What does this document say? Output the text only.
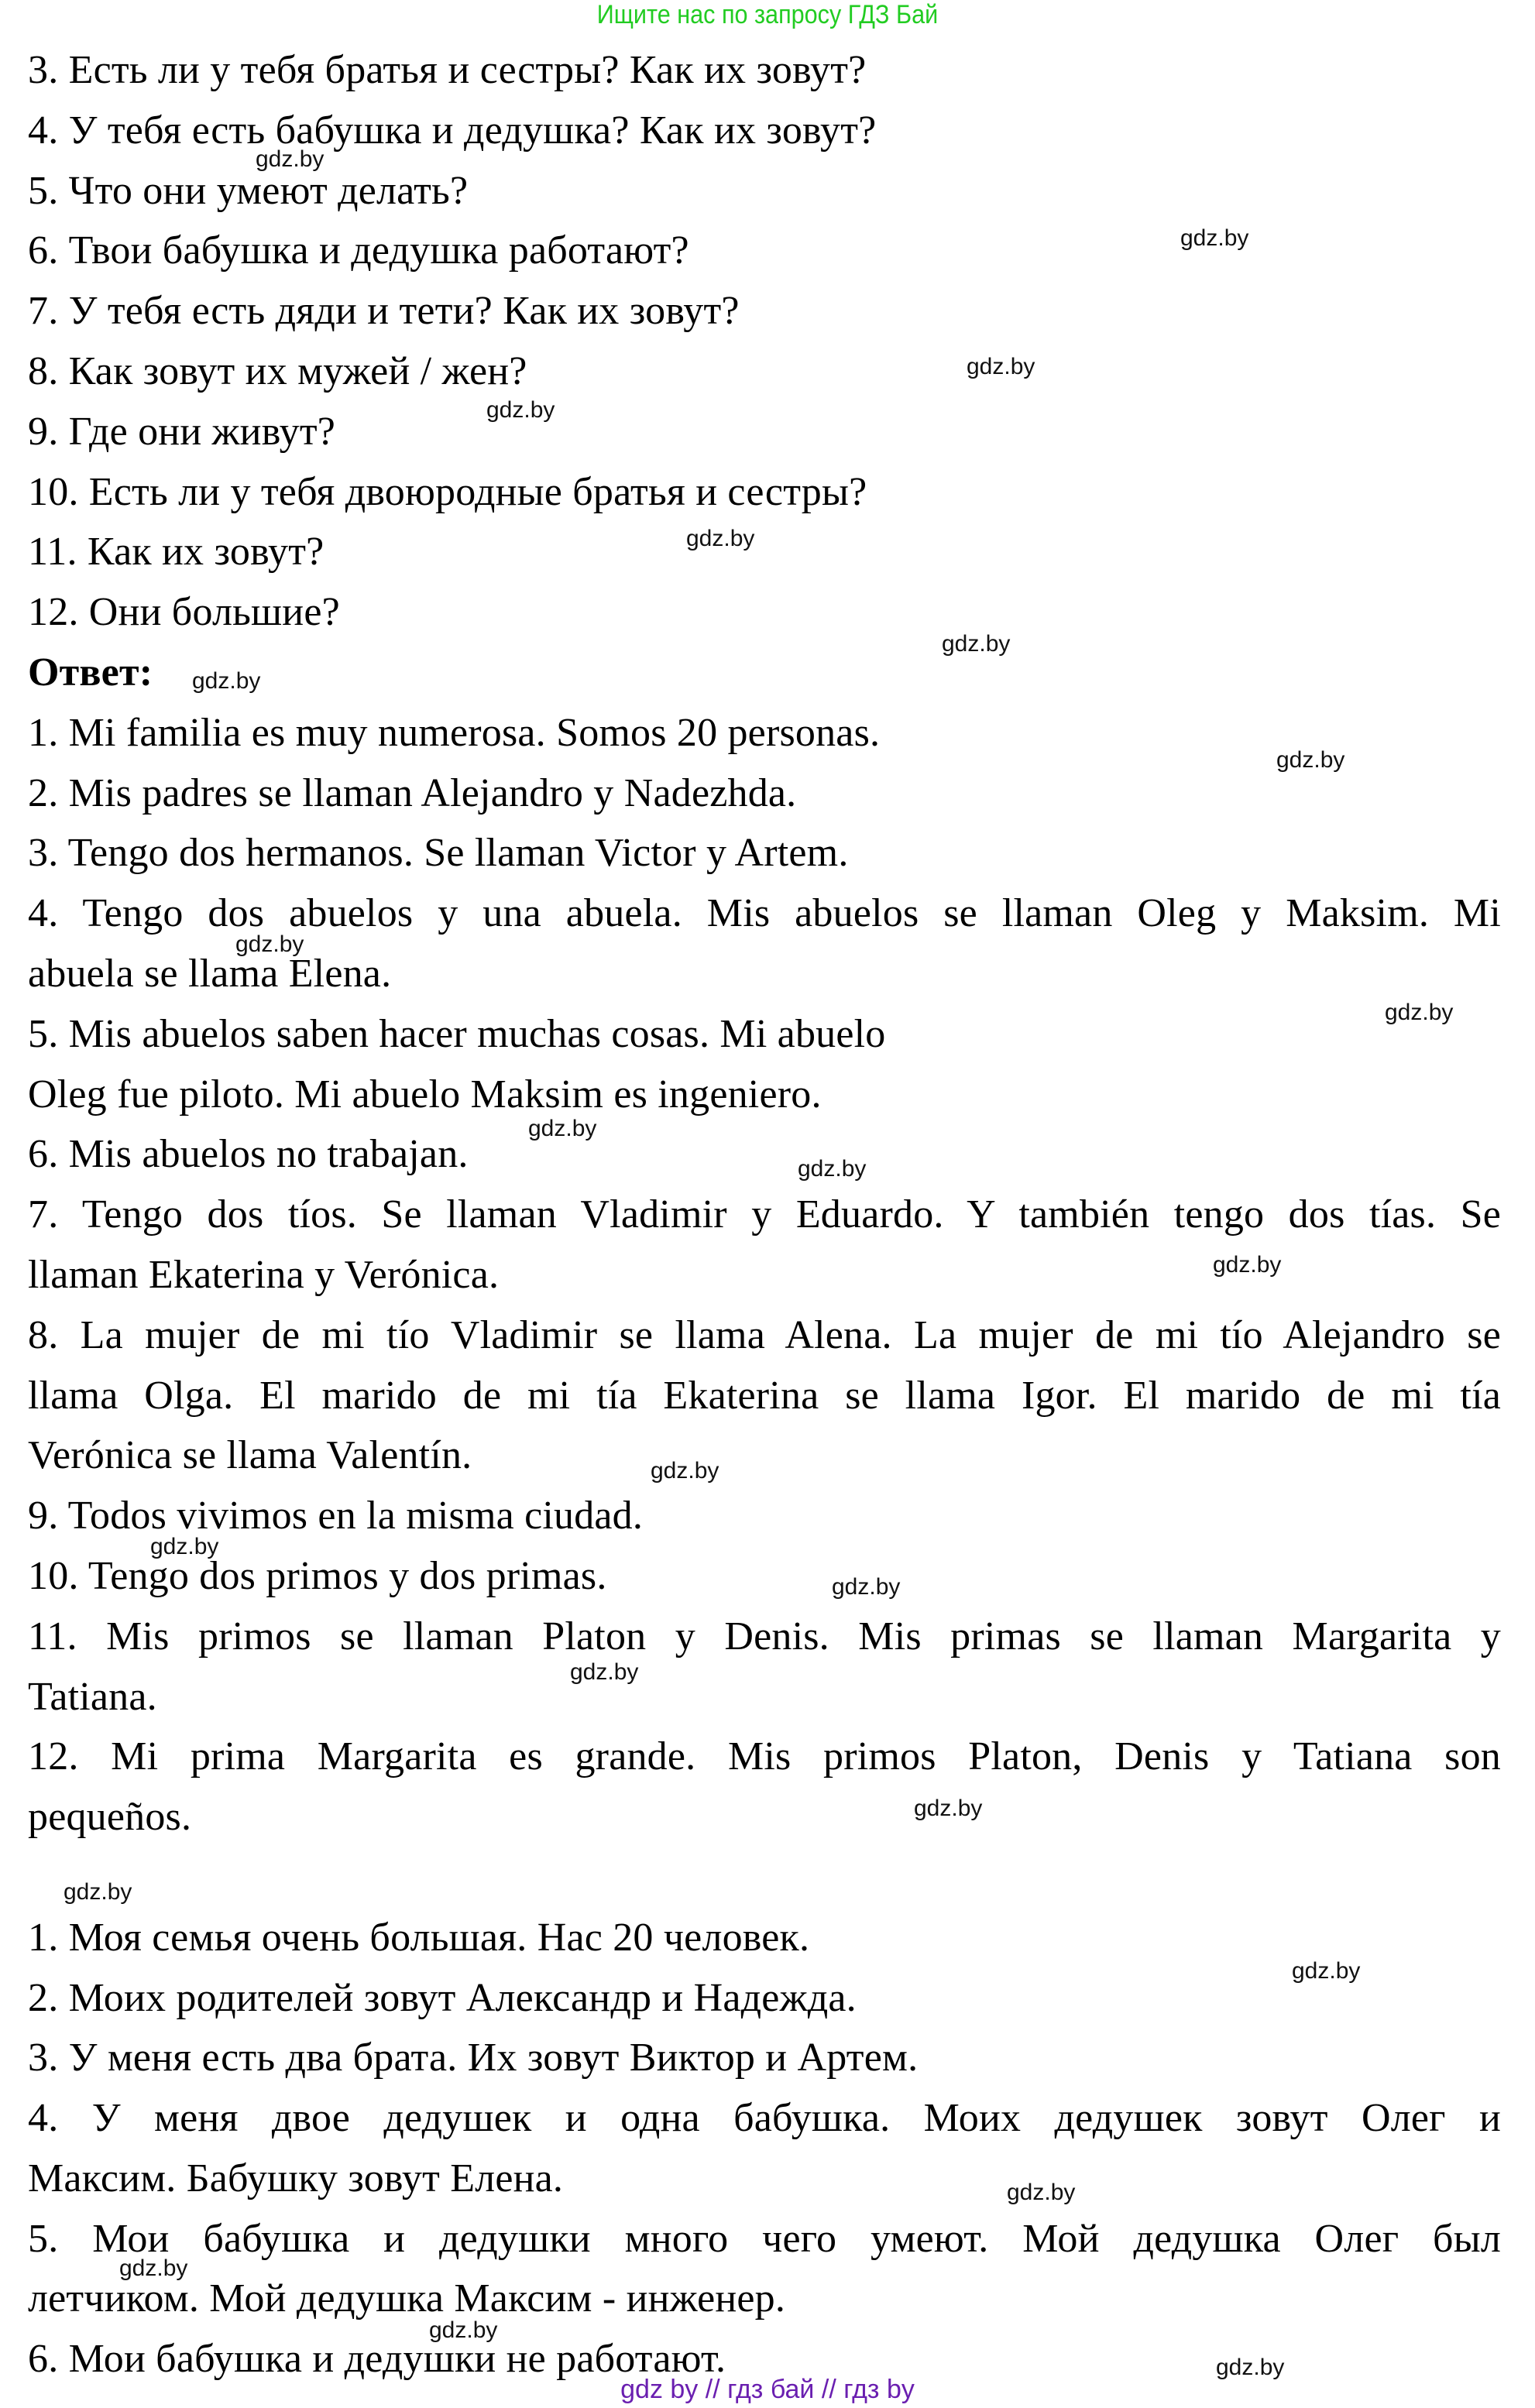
Ищите нас по запросу ГДЗ Бай
3. Есть ли у тебя братья и сестры? Как их зовут?
4. У тебя есть бабушка и дедушка? Как их зовут?
5. Что они умеют делать?
6. Твои бабушка и дедушка работают?
7. У тебя есть дяди и тети? Как их зовут?
8. Как зовут их мужей / жен?
9. Где они живут?
10. Есть ли у тебя двоюродные братья и сестры?
11. Как их зовут?
12. Они большие?
Ответ:
1. Mi familia es muy numerosa. Somos 20 personas.
2. Mis padres se llaman Alejandro y Nadezhda.
3. Tengo dos hermanos. Se llaman Victor y Artem.
4. Tengo dos abuelos y una abuela. Mis abuelos se llaman Oleg y Maksim. Mi
abuela se llama Elena.
5. Mis abuelos saben hacer muchas cosas. Mi abuelo
Oleg fue piloto. Mi abuelo Maksim es ingeniero.
6. Mis abuelos no trabajan.
7. Tengo dos tíos. Se llaman Vladimir y Eduardo. Y también tengo dos tías. Se
llaman Ekaterina y Verónica.
8. La mujer de mi tío Vladimir se llama Alena. La mujer de mi tío Alejandro se
llama Olga. El marido de mi tía Ekaterina se llama Igor. El marido de mi tía
Verónica se llama Valentín.
9. Todos vivimos en la misma ciudad.
10. Tengo dos primos y dos primas.
11. Mis primos se llaman Platon y Denis. Mis primas se llaman Margarita y
Tatiana.
12. Mi prima Margarita es grande. Mis primos Platon, Denis y Tatiana son
pequeños.
1. Моя семья очень большая. Нас 20 человек.
2. Моих родителей зовут Александр и Надежда.
3. У меня есть два брата. Их зовут Виктор и Артем.
4. У меня двое дедушек и одна бабушка. Моих дедушек зовут Олег и
Максим. Бабушку зовут Елена.
5. Мои бабушка и дедушки много чего умеют. Мой дедушка Олег был
летчиком. Мой дедушка Максим - инженер.
6. Мои бабушка и дедушки не работают.
gdz.by
gdz.by
gdz.by
gdz.by
gdz.by
gdz.by
gdz.by
gdz.by
gdz.by
gdz.by
gdz.by
gdz.by
gdz.by
gdz.by
gdz.by
gdz.by
gdz.by
gdz.by
gdz.by
gdz.by
gdz.by
gdz.by
gdz.by
gdz.by
gdz by // гдз бай // гдз by
